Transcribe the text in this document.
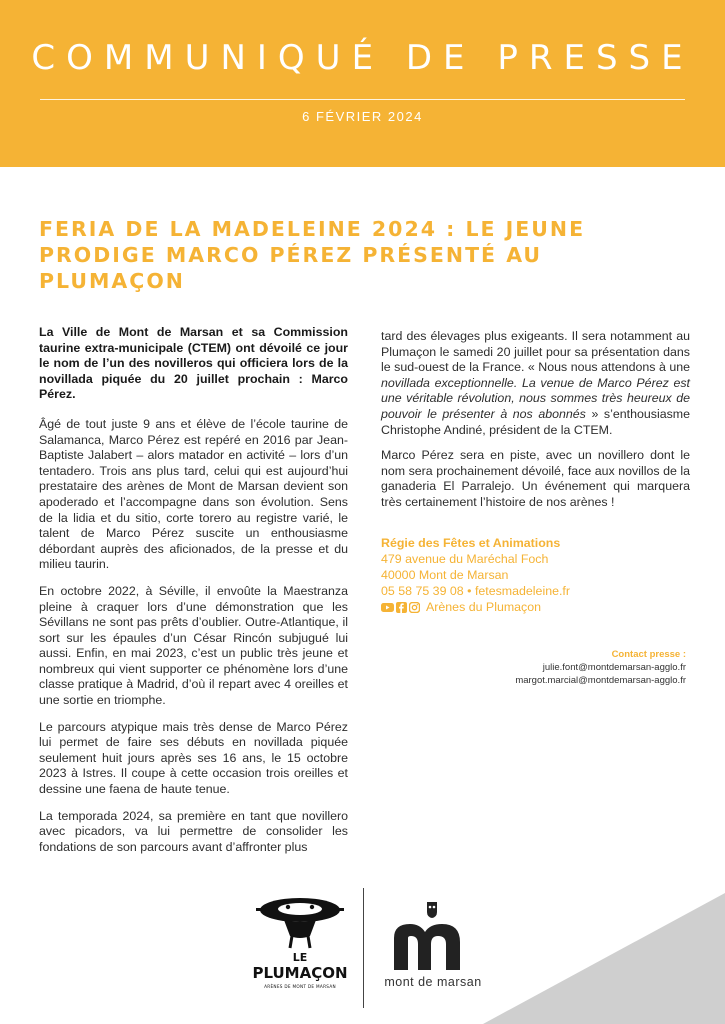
COMMUNIQUÉ DE PRESSE
6 FÉVRIER 2024
FERIA DE LA MADELEINE 2024 : LE JEUNE PRODIGE MARCO PÉREZ PRÉSENTÉ AU PLUMAÇON

La Ville de Mont de Marsan et sa Commission taurine extra-municipale (CTEM) ont dévoilé ce jour le nom de l’un des novilleros qui officiera lors de la novillada piquée du 20 juillet prochain : Marco Pérez.

Âgé de tout juste 9 ans et élève de l’école taurine de Salamanca, Marco Pérez est repéré en 2016 par Jean-Baptiste Jalabert – alors matador en activité – lors d’un tentadero. Trois ans plus tard, celui qui est aujourd’hui prestataire des arènes de Mont de Marsan devient son apoderado et l’accompagne dans son évolution. Sens de la lidia et du sitio, corte torero au registre varié, le talent de Marco Pérez suscite un enthousiasme débordant auprès des aficionados, de la presse et du milieu taurin.

En octobre 2022, à Séville, il envoûte la Maestranza pleine à craquer lors d’une démonstration que les Sévillans ne sont pas prêts d’oublier. Outre-Atlantique, il sort sur les épaules d’un César Rincón subjugué lui aussi. Enfin, en mai 2023, c’est un public très jeune et nombreux qui vient supporter ce phénomène lors d’une classe pratique à Madrid, d’où il repart avec 4 oreilles et une sortie en triomphe.

Le parcours atypique mais très dense de Marco Pérez lui permet de faire ses débuts en novillada piquée seulement huit jours après ses 16 ans, le 15 octobre 2023 à Istres. Il coupe à cette occasion trois oreilles et dessine une faena de haute tenue.

La temporada 2024, sa première en tant que novillero avec picadors, va lui permettre de consolider les fondations de son parcours avant d’affronter plus

tard des élevages plus exigeants. Il sera notamment au Plumaçon le samedi 20 juillet pour sa présentation dans le sud-ouest de la France. « Nous nous attendons à une novillada exceptionnelle. La venue de Marco Pérez est une véritable révolution, nous sommes très heureux de pouvoir le présenter à nos abonnés » s’enthousiasme Christophe Andiné, président de la CTEM.

Marco Pérez sera en piste, avec un novillero dont le nom sera prochainement dévoilé, face aux novillos de la ganaderia El Parralejo. Un événement qui marquera très certainement l’histoire de nos arènes !

Régie des Fêtes et Animations
479 avenue du Maréchal Foch
40000 Mont de Marsan
05 58 75 39 08 • fetesmadeleine.fr
Arènes du Plumaçon
Contact presse :
julie.font@montdemarsan-agglo.fr
margot.marcial@montdemarsan-agglo.fr
LE
PLUMAÇON
ARÈNES DE MONT DE MARSAN	mont de marsan
